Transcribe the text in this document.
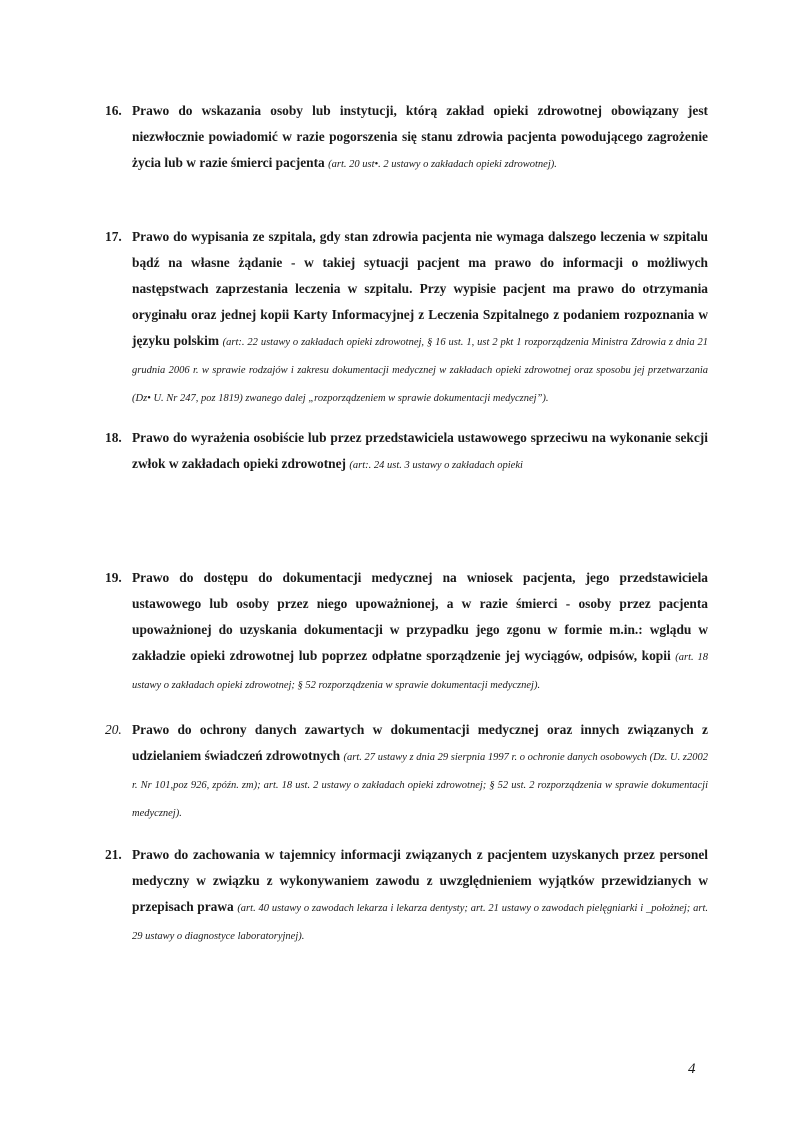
16. Prawo do wskazania osoby lub instytucji, którą zakład opieki zdrowotnej obowiązany jest niezwłocznie powiadomić w razie pogorszenia się stanu zdrowia pacjenta powodującego zagrożenie życia lub w razie śmierci pacjenta (art. 20 ust•. 2 ustawy o zakładach opieki zdrowotnej).

17. Prawo do wypisania ze szpitala, gdy stan zdrowia pacjenta nie wymaga dalszego leczenia w szpitalu bądź na własne żądanie - w takiej sytuacji pacjent ma prawo do informacji o możliwych następstwach zaprzestania leczenia w szpitalu. Przy wypisie pacjent ma prawo do otrzymania oryginału oraz jednej kopii Karty Informacyjnej z Leczenia Szpitalnego z podaniem rozpoznania w języku polskim (art:. 22 ustawy o zakładach opieki zdrowotnej, § 16 ust. 1, ust 2 pkt 1 rozporządzenia Ministra Zdrowia z dnia 21 grudnia 2006 r. w sprawie rodzajów i zakresu dokumentacji medycznej w zakładach opieki zdrowotnej oraz sposobu jej przetwarzania (Dz• U. Nr 247, poz 1819) zwanego dalej „rozporządzeniem w sprawie dokumentacji medycznej”).

18. Prawo do wyrażenia osobiście lub przez przedstawiciela ustawowego sprzeciwu na wykonanie sekcji zwłok w zakładach opieki zdrowotnej (art:. 24 ust. 3 ustawy o zakładach opieki

19. Prawo do dostępu do dokumentacji medycznej na wniosek pacjenta, jego przedstawiciela ustawowego lub osoby przez niego upoważnionej, a w razie śmierci - osoby przez pacjenta upoważnionej do uzyskania dokumentacji w przypadku jego zgonu w formie m.in.: wglądu w zakładzie opieki zdrowotnej lub poprzez odpłatne sporządzenie jej wyciągów, odpisów, kopii (art. 18 ustawy o zakładach opieki zdrowotnej; § 52 rozporządzenia w sprawie dokumentacji medycznej).

20. Prawo do ochrony danych zawartych w dokumentacji medycznej oraz innych związanych z udzielaniem świadczeń zdrowotnych (art. 27 ustawy z dnia 29 sierpnia 1997 r. o ochronie danych osobowych (Dz. U. z2002 r. Nr 101,poz 926, zpóźn. zm); art. 18 ust. 2 ustawy o zakładach opieki zdrowotnej; § 52 ust. 2 rozporządzenia w sprawie dokumentacji medycznej).

21. Prawo do zachowania w tajemnicy informacji związanych z pacjentem uzyskanych przez personel medyczny w związku z wykonywaniem zawodu z uwzględnieniem wyjątków przewidzianych w przepisach prawa (art. 40 ustawy o zawodach lekarza i lekarza dentysty; art. 21 ustawy o zawodach pielęgniarki i _położnej; art. 29 ustawy o diagnostyce laboratoryjnej).

4
